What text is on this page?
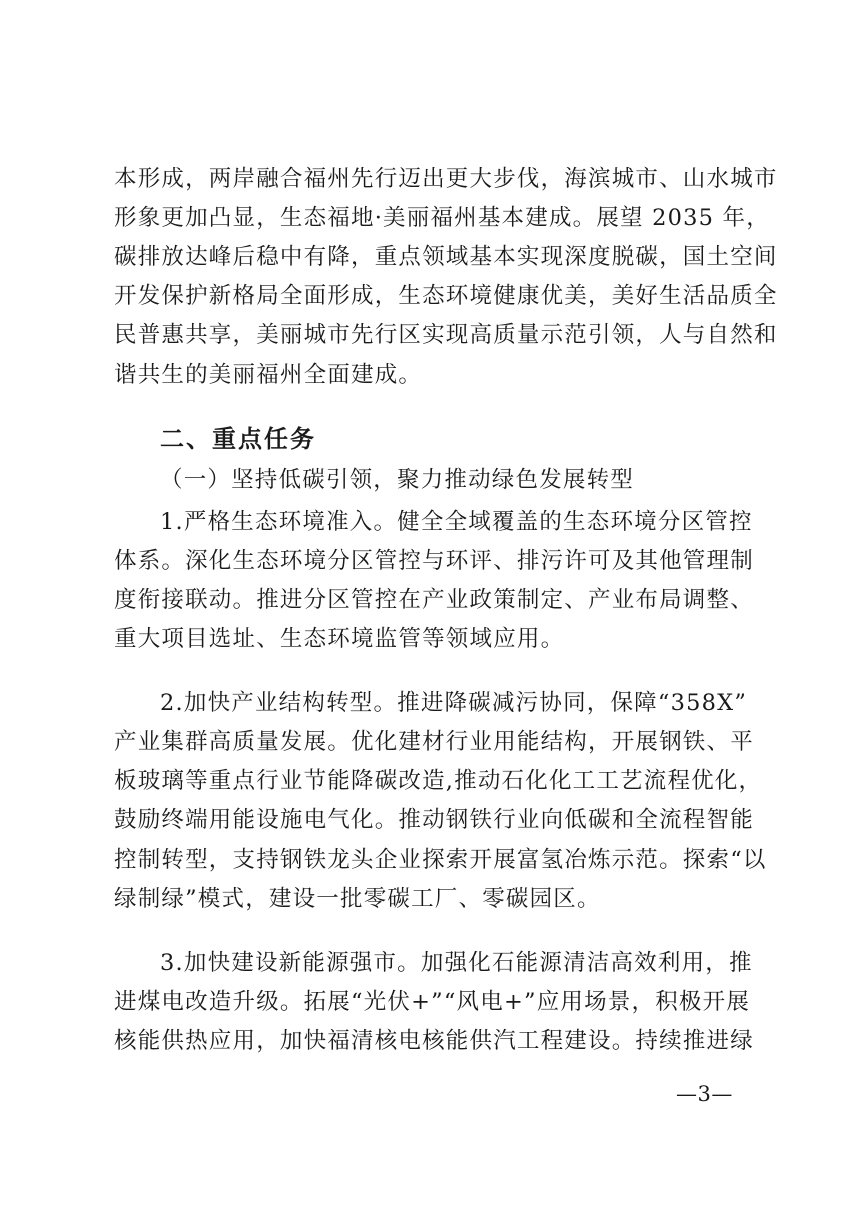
本形成，两岸融合福州先行迈出更大步伐，海滨城市、山水城市
形象更加凸显，生态福地·美丽福州基本建成。展望 2035 年，
碳排放达峰后稳中有降，重点领域基本实现深度脱碳，国土空间
开发保护新格局全面形成，生态环境健康优美，美好生活品质全
民普惠共享，美丽城市先行区实现高质量示范引领，人与自然和
谐共生的美丽福州全面建成。
二、重点任务
（一）坚持低碳引领，聚力推动绿色发展转型
1.严格生态环境准入。健全全域覆盖的生态环境分区管控
体系。深化生态环境分区管控与环评、排污许可及其他管理制
度衔接联动。推进分区管控在产业政策制定、产业布局调整、
重大项目选址、生态环境监管等领域应用。
2.加快产业结构转型。推进降碳减污协同，保障“358X”
产业集群高质量发展。优化建材行业用能结构，开展钢铁、平
板玻璃等重点行业节能降碳改造,推动石化化工工艺流程优化，
鼓励终端用能设施电气化。推动钢铁行业向低碳和全流程智能
控制转型，支持钢铁龙头企业探索开展富氢冶炼示范。探索“以
绿制绿”模式，建设一批零碳工厂、零碳园区。
3.加快建设新能源强市。加强化石能源清洁高效利用，推
进煤电改造升级。拓展“光伏+”“风电+”应用场景，积极开展
核能供热应用，加快福清核电核能供汽工程建设。持续推进绿
—3—
